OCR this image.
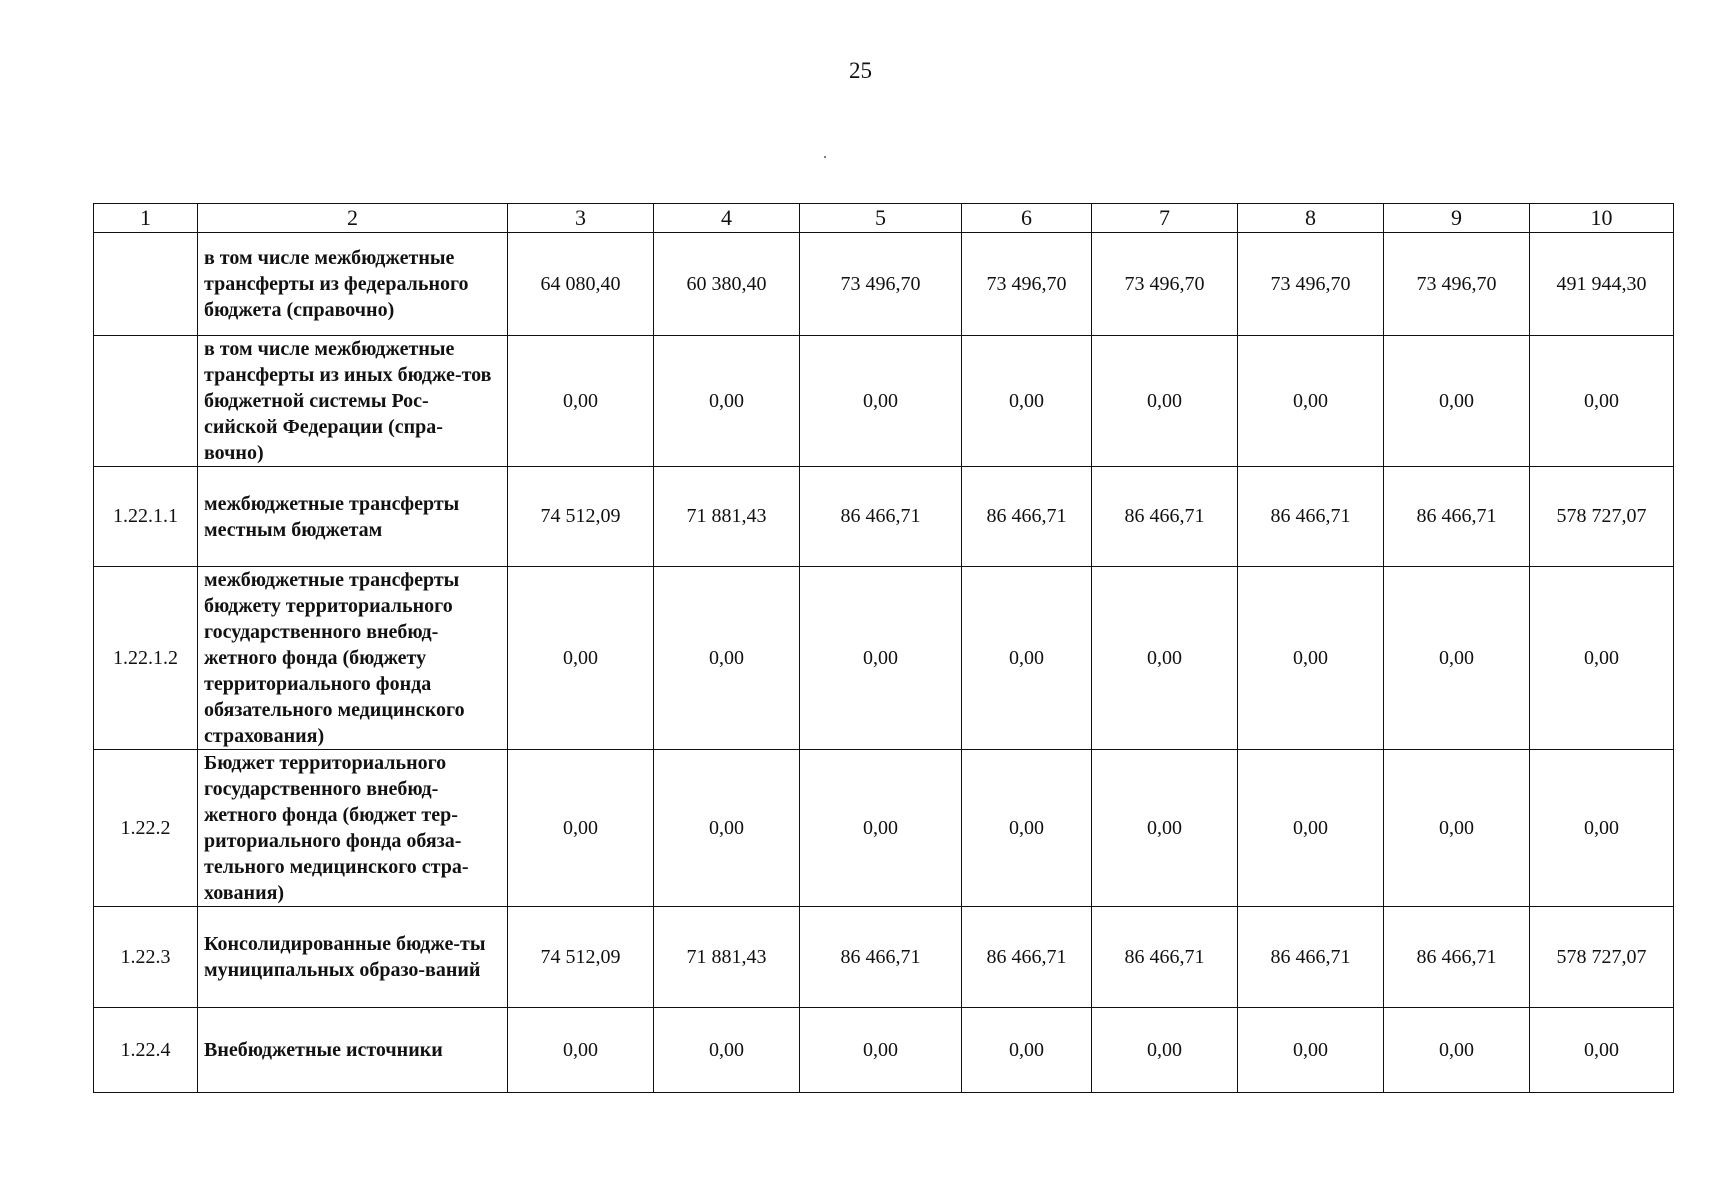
25
1	2	3	4	5	6	7	8	9	10
	в том числе межбюджетные трансферты из федерального бюджета (справочно)	64 080,40	60 380,40	73 496,70	73 496,70	73 496,70	73 496,70	73 496,70	491 944,30
	в том числе межбюджетные трансферты из иных бюдже-тов бюджетной системы Рос-сийской Федерации (спра-вочно)	0,00	0,00	0,00	0,00	0,00	0,00	0,00	0,00
1.22.1.1	межбюджетные трансферты местным бюджетам	74 512,09	71 881,43	86 466,71	86 466,71	86 466,71	86 466,71	86 466,71	578 727,07
1.22.1.2	межбюджетные трансферты бюджету территориального государственного внебюд-жетного фонда (бюджету территориального фонда обязательного медицинского страхования)	0,00	0,00	0,00	0,00	0,00	0,00	0,00	0,00
1.22.2	Бюджет территориального государственного внебюд-жетного фонда (бюджет тер-риториального фонда обяза-тельного медицинского стра-хования)	0,00	0,00	0,00	0,00	0,00	0,00	0,00	0,00
1.22.3	Консолидированные бюдже-ты муниципальных образо-ваний	74 512,09	71 881,43	86 466,71	86 466,71	86 466,71	86 466,71	86 466,71	578 727,07
1.22.4	Внебюджетные источники	0,00	0,00	0,00	0,00	0,00	0,00	0,00	0,00
